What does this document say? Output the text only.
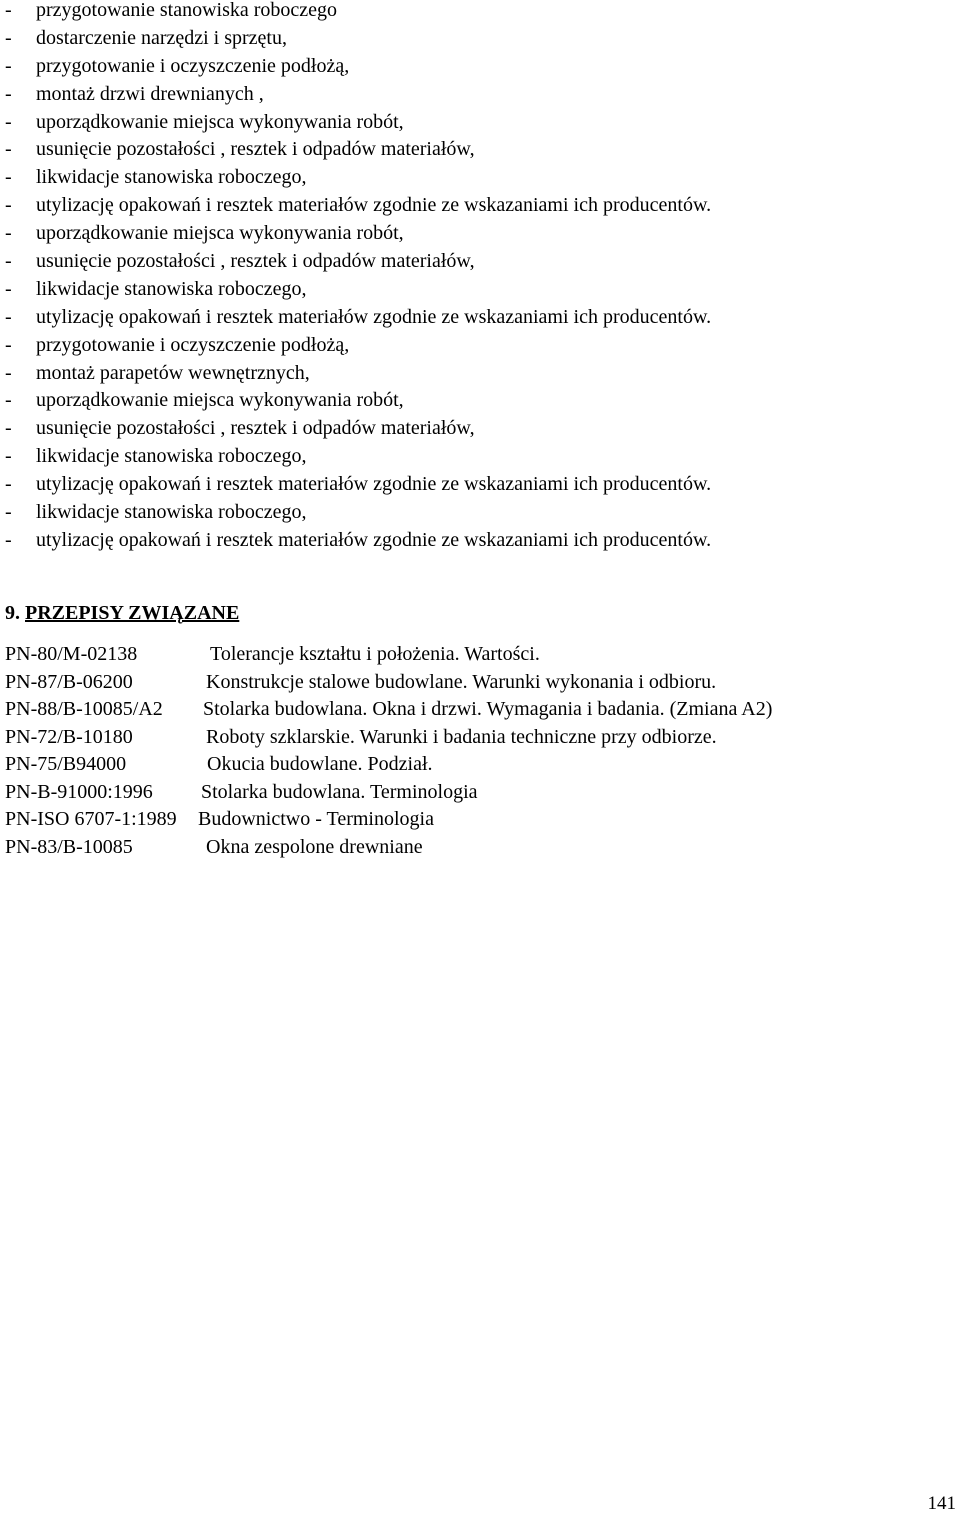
-	przygotowanie stanowiska roboczego
-	dostarczenie narzędzi i sprzętu,
-	przygotowanie i oczyszczenie podłożą,
-	montaż drzwi drewnianych ,
-	uporządkowanie miejsca wykonywania robót,
-	usunięcie pozostałości , resztek i odpadów materiałów,
-	likwidacje stanowiska roboczego,
-	utylizację opakowań i resztek materiałów zgodnie ze wskazaniami ich producentów.
-	uporządkowanie miejsca wykonywania robót,
-	usunięcie pozostałości , resztek i odpadów materiałów,
-	likwidacje stanowiska roboczego,
-	utylizację opakowań i resztek materiałów zgodnie ze wskazaniami ich producentów.
-	przygotowanie i oczyszczenie podłożą,
-	montaż parapetów wewnętrznych,
-	uporządkowanie miejsca wykonywania robót,
-	usunięcie pozostałości , resztek i odpadów materiałów,
-	likwidacje stanowiska roboczego,
-	utylizację opakowań i resztek materiałów zgodnie ze wskazaniami ich producentów.
-	likwidacje stanowiska roboczego,
-	utylizację opakowań i resztek materiałów zgodnie ze wskazaniami ich producentów.
9. PRZEPISY ZWIĄZANE
PN-80/M-02138	Tolerancje kształtu i położenia. Wartości.
PN-87/B-06200	Konstrukcje stalowe budowlane. Warunki wykonania i odbioru.
PN-88/B-10085/A2 Stolarka budowlana. Okna i drzwi. Wymagania i badania. (Zmiana A2)
PN-72/B-10180	Roboty szklarskie. Warunki i badania techniczne przy odbiorze.
PN-75/B94000	Okucia budowlane. Podział.
PN-B-91000:1996 Stolarka budowlana. Terminologia
PN-ISO 6707-1:1989 Budownictwo - Terminologia
PN-83/B-10085	Okna zespolone drewniane
141
